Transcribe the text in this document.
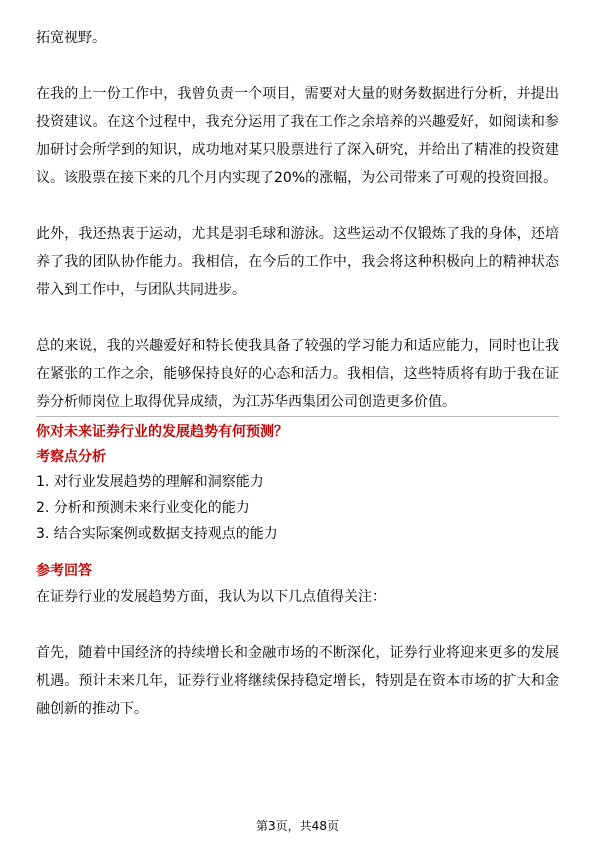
拓宽视野。

在我的上一份工作中，我曾负责一个项目，需要对大量的财务数据进行分析，并提出投资建议。在这个过程中，我充分运用了我在工作之余培养的兴趣爱好，如阅读和参加研讨会所学到的知识，成功地对某只股票进行了深入研究，并给出了精准的投资建议。该股票在接下来的几个月内实现了20%的涨幅，为公司带来了可观的投资回报。

此外，我还热衷于运动，尤其是羽毛球和游泳。这些运动不仅锻炼了我的身体，还培养了我的团队协作能力。我相信，在今后的工作中，我会将这种积极向上的精神状态带入到工作中，与团队共同进步。

总的来说，我的兴趣爱好和特长使我具备了较强的学习能力和适应能力，同时也让我在紧张的工作之余，能够保持良好的心态和活力。我相信，这些特质将有助于我在证券分析师岗位上取得优异成绩，为江苏华西集团公司创造更多价值。

你对未来证券行业的发展趋势有何预测？

考察点分析

1. 对行业发展趋势的理解和洞察能力

2. 分析和预测未来行业变化的能力

3. 结合实际案例或数据支持观点的能力

参考回答

在证券行业的发展趋势方面，我认为以下几点值得关注：

首先，随着中国经济的持续增长和金融市场的不断深化，证券行业将迎来更多的发展机遇。预计未来几年，证券行业将继续保持稳定增长，特别是在资本市场的扩大和金融创新的推动下。

第3页，共48页
